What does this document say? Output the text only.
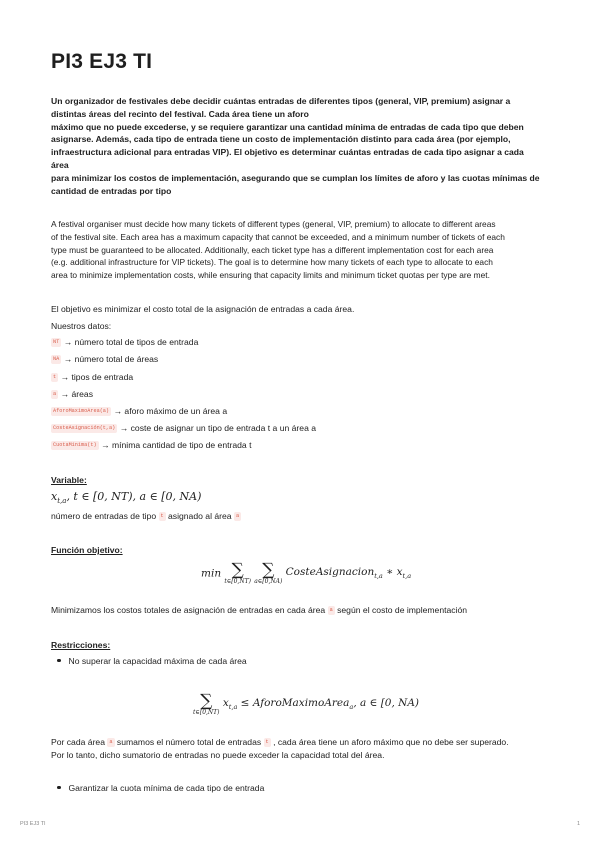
PI3 EJ3 TI
Un organizador de festivales debe decidir cuántas entradas de diferentes tipos (general, VIP, premium) asignar a
distintas áreas del recinto del festival. Cada área tiene un aforo
máximo que no puede excederse, y se requiere garantizar una cantidad mínima de entradas de cada tipo que deben
asignarse. Además, cada tipo de entrada tiene un costo de implementación distinto para cada área (por ejemplo,
infraestructura adicional para entradas VIP). El objetivo es determinar cuántas entradas de cada tipo asignar a cada
área
para minimizar los costos de implementación, asegurando que se cumplan los límites de aforo y las cuotas mínimas de
cantidad de entradas por tipo
A festival organiser must decide how many tickets of different types (general, VIP, premium) to allocate to different areas
of the festival site. Each area has a maximum capacity that cannot be exceeded, and a minimum number of tickets of each
type must be guaranteed to be allocated. Additionally, each ticket type has a different implementation cost for each area
(e.g. additional infrastructure for VIP tickets). The goal is to determine how many tickets of each type to allocate to each
area to minimize implementation costs, while ensuring that capacity limits and minimum ticket quotas per type are met.
El objetivo es minimizar el costo total de la asignación de entradas a cada área.
Nuestros datos:
NT → número total de tipos de entrada
NA → número total de áreas
t → tipos de entrada
a → áreas
AforoMaximoArea(a) → aforo máximo de un área a
CosteAsignación(t,a) → coste de asignar un tipo de entrada t a un área a
CuotaMinima(t) → mínima cantidad de tipo de entrada t
Variable:
$x_{t,a}$, t ∈ [0, NT), a ∈ [0, NA)
número de entradas de tipo t asignado al área a
Función objetivo:
min ∑
t∈[0,NT)

∑
a∈[0,NA)
CosteAsignacion$_{t,a}$ ∗ $x_{t,a}$
Minimizamos los costos totales de asignación de entradas en cada área a según el costo de implementación
Restricciones:
No superar la capacidad máxima de cada área
∑
t∈[0,NT)
$x_{t,a}$ ≤ AforoMaximoArea$_a$, a ∈ [0, NA)
Por cada área a sumamos el número total de entradas t , cada área tiene un aforo máximo que no debe ser superado.
Por lo tanto, dicho sumatorio de entradas no puede exceder la capacidad total del área.
Garantizar la cuota mínima de cada tipo de entrada
PI3 EJ3 TI	1
